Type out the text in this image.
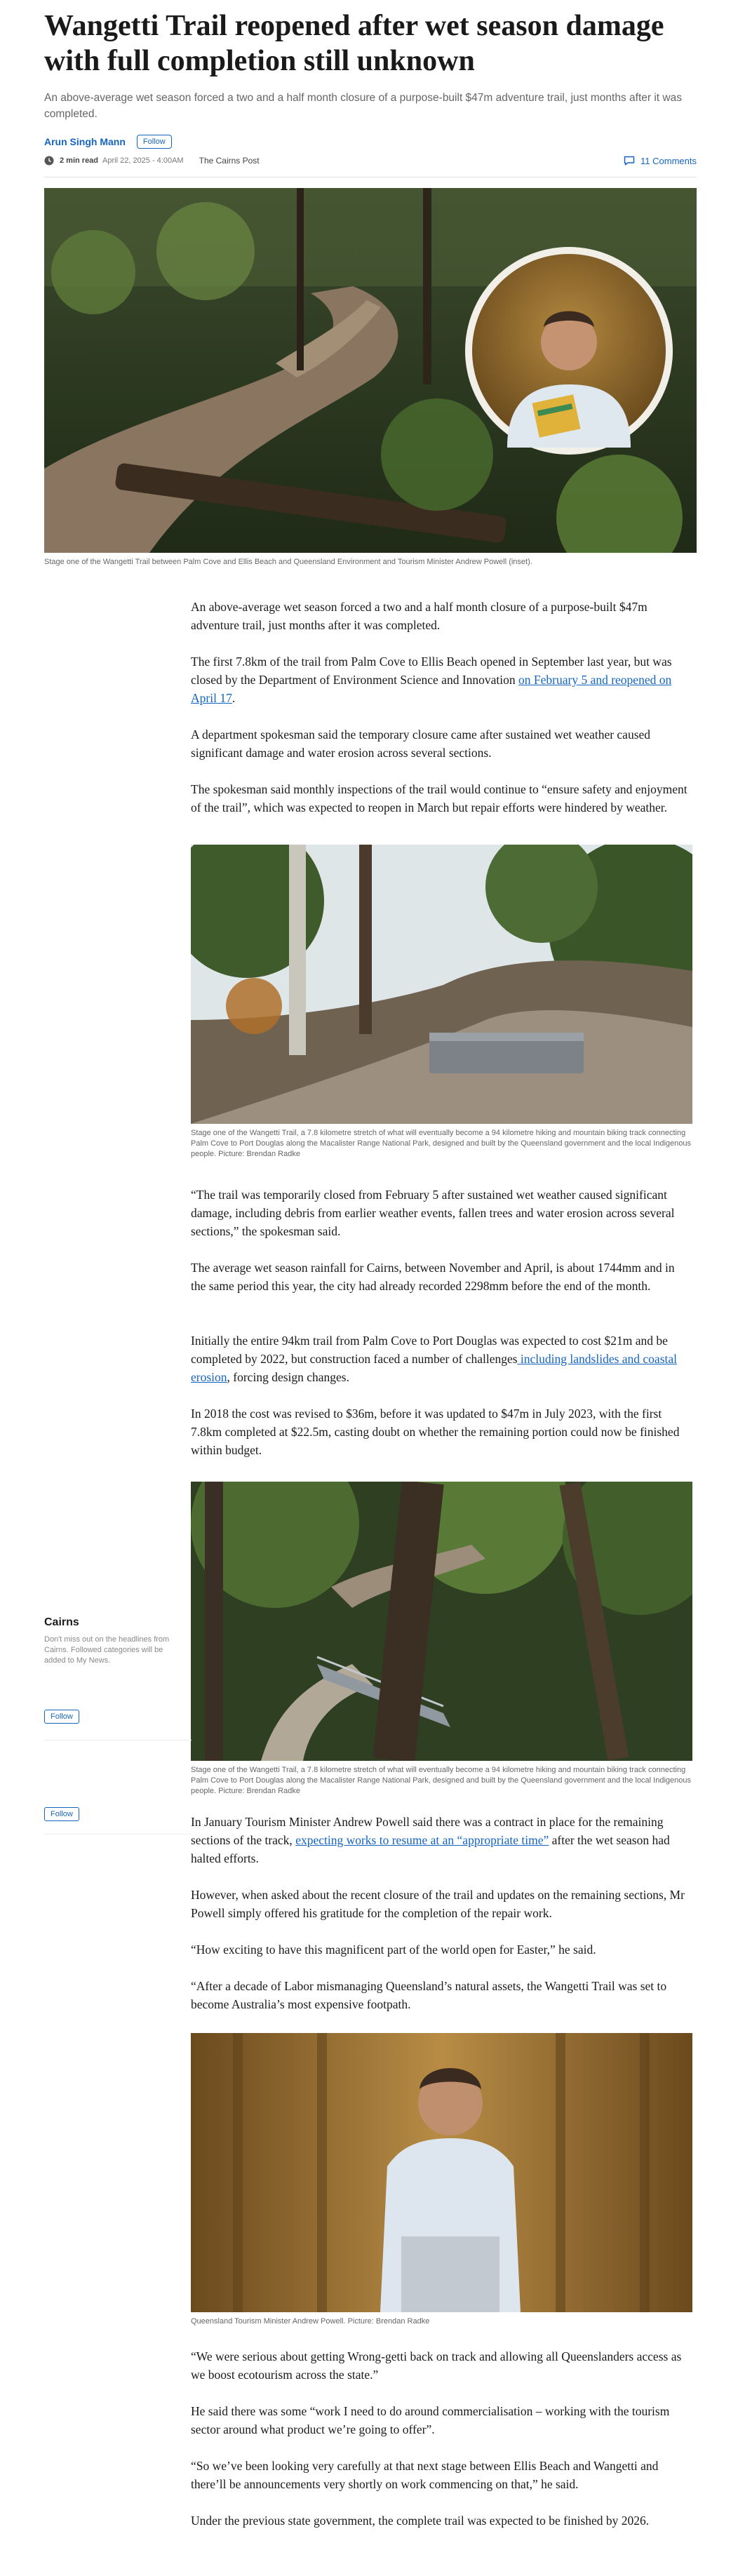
Wangetti Trail reopened after wet season damage with full completion still unknown

An above-average wet season forced a two and a half month closure of a purpose-built $47m adventure trail, just months after it was completed.

Arun Singh Mann	Follow
2 min read April 22, 2025 - 4:00AM The Cairns Post	11 Comments

Stage one of the Wangetti Trail between Palm Cove and Ellis Beach and Queensland Environment and Tourism Minister Andrew Powell (inset).

An above-average wet season forced a two and a half month closure of a purpose-built $47m adventure trail, just months after it was completed.

The first 7.8km of the trail from Palm Cove to Ellis Beach opened in September last year, but was closed by the Department of Environment Science and Innovation on February 5 and reopened on April 17.

A department spokesman said the temporary closure came after sustained wet weather caused significant damage and water erosion across several sections.

The spokesman said monthly inspections of the trail would continue to “ensure safety and enjoyment of the trail”, which was expected to reopen in March but repair efforts were hindered by weather.

Stage one of the Wangetti Trail, a 7.8 kilometre stretch of what will eventually become a 94 kilometre hiking and mountain biking track connecting Palm Cove to Port Douglas along the Macalister Range National Park, designed and built by the Queensland government and the local Indigenous people. Picture: Brendan Radke

“The trail was temporarily closed from February 5 after sustained wet weather caused significant damage, including debris from earlier weather events, fallen trees and water erosion across several sections,” the spokesman said.

The average wet season rainfall for Cairns, between November and April, is about 1744mm and in the same period this year, the city had already recorded 2298mm before the end of the month.

Initially the entire 94km trail from Palm Cove to Port Douglas was expected to cost $21m and be completed by 2022, but construction faced a number of challenges including landslides and coastal erosion, forcing design changes.

In 2018 the cost was revised to $36m, before it was updated to $47m in July 2023, with the first 7.8km completed at $22.5m, casting doubt on whether the remaining portion could now be finished within budget.

Stage one of the Wangetti Trail, a 7.8 kilometre stretch of what will eventually become a 94 kilometre hiking and mountain biking track connecting Palm Cove to Port Douglas along the Macalister Range National Park, designed and built by the Queensland government and the local Indigenous people. Picture: Brendan Radke

Cairns

Don't miss out on the headlines from Cairns. Followed categories will be added to My News.

Follow
Follow

In January Tourism Minister Andrew Powell said there was a contract in place for the remaining sections of the track, expecting works to resume at an “appropriate time” after the wet season had halted efforts.

However, when asked about the recent closure of the trail and updates on the remaining sections, Mr Powell simply offered his gratitude for the completion of the repair work.

“How exciting to have this magnificent part of the world open for Easter,” he said.

“After a decade of Labor mismanaging Queensland’s natural assets, the Wangetti Trail was set to become Australia’s most expensive footpath.

Queensland Tourism Minister Andrew Powell. Picture: Brendan Radke

“We were serious about getting Wrong-getti back on track and allowing all Queenslanders access as we boost ecotourism across the state.”

He said there was some “work I need to do around commercialisation – working with the tourism sector around what product we’re going to offer”.

“So we’ve been looking very carefully at that next stage between Ellis Beach and Wangetti and there’ll be announcements very shortly on work commencing on that,” he said.

Under the previous state government, the complete trail was expected to be finished by 2026.
